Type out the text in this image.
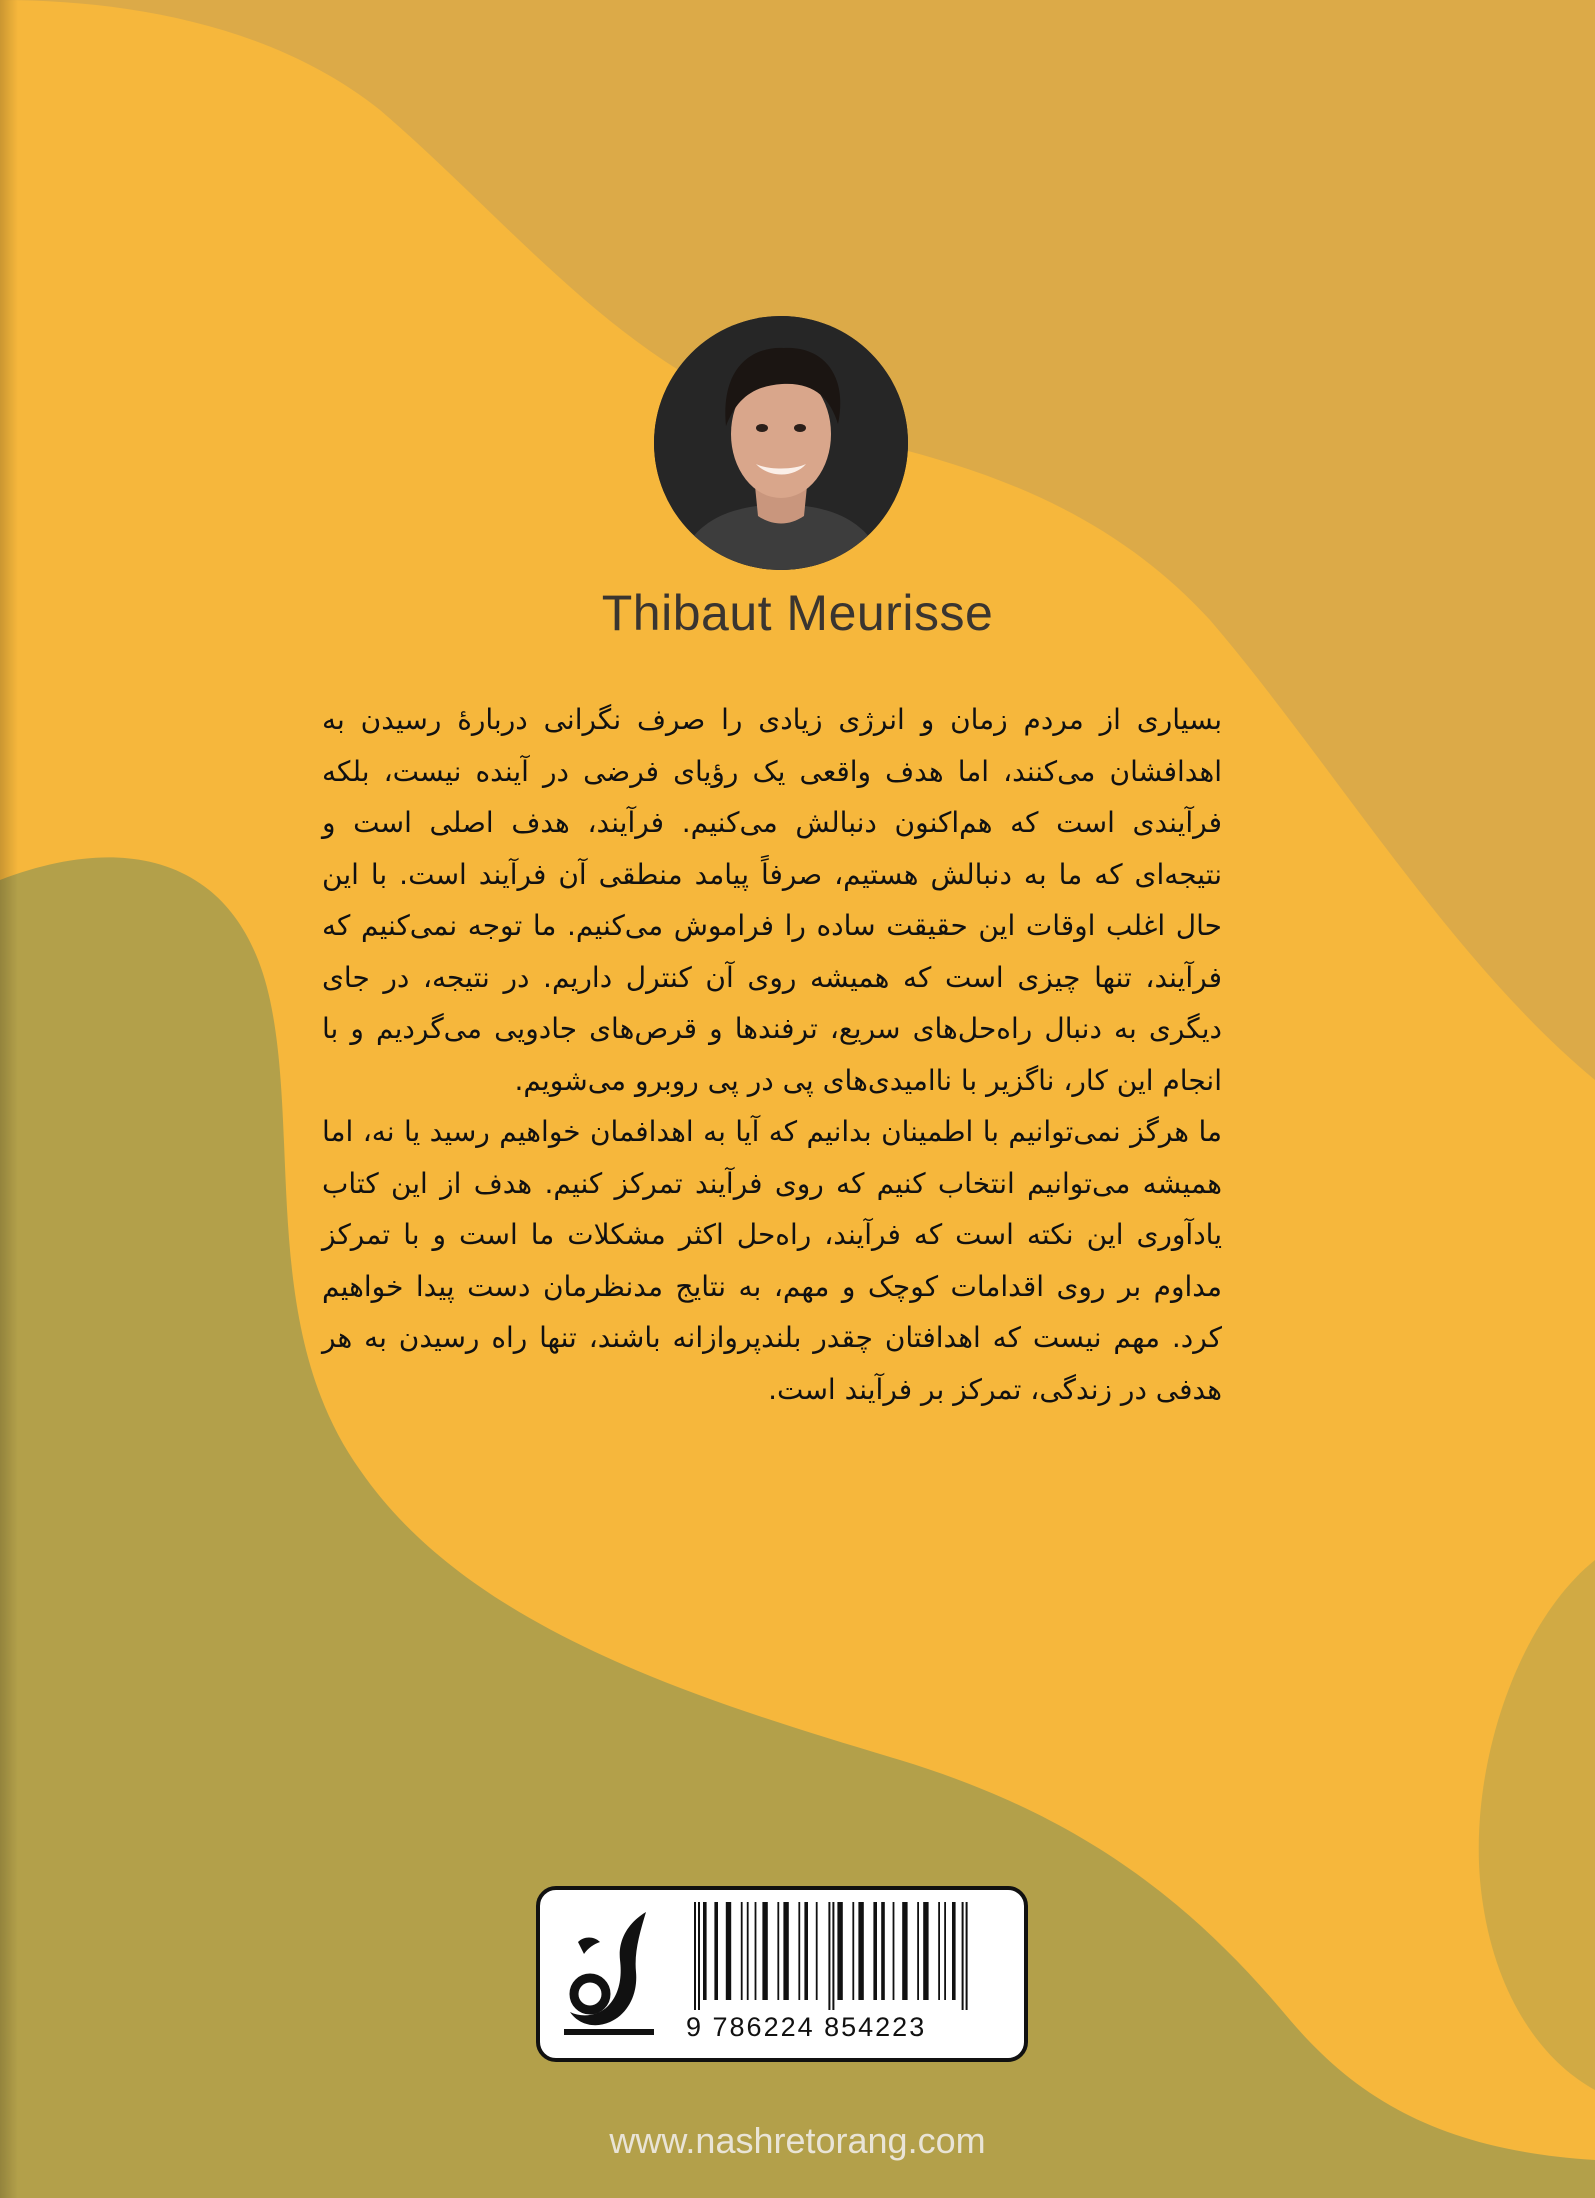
Thibaut Meurisse

بسیاری از مردم زمان و انرژی زیادی را صرف نگرانی دربارهٔ رسیدن به اهدافشان می‌کنند، اما هدف واقعی یک رؤیای فرضی در آینده نیست، بلکه فرآیندی است که هم‌اکنون دنبالش می‌کنیم. فرآیند، هدف اصلی است و نتیجه‌ای که ما به دنبالش هستیم، صرفاً پیامد منطقی آن فرآیند است. با این حال اغلب اوقات این حقیقت ساده را فراموش می‌کنیم. ما توجه نمی‌کنیم که فرآیند، تنها چیزی است که همیشه روی آن کنترل داریم. در نتیجه، در جای دیگری به دنبال راه‌حل‌های سریع، ترفندها و قرص‌های جادویی می‌گردیم و با انجام این کار، ناگزیر با ناامیدی‌های پی در پی روبرو می‌شویم.

ما هرگز نمی‌توانیم با اطمینان بدانیم که آیا به اهدافمان خواهیم رسید یا نه، اما همیشه می‌توانیم انتخاب کنیم که روی فرآیند تمرکز کنیم. هدف از این کتاب یادآوری این نکته است که فرآیند، راه‌حل اکثر مشکلات ما است و با تمرکز مداوم بر روی اقدامات کوچک و مهم، به نتایج مدنظرمان دست پیدا خواهیم کرد. مهم نیست که اهدافتان چقدر بلندپروازانه باشند، تنها راه رسیدن به هر هدفی در زندگی، تمرکز بر فرآیند است.

9 786224 854223
www.nashretorang.com
